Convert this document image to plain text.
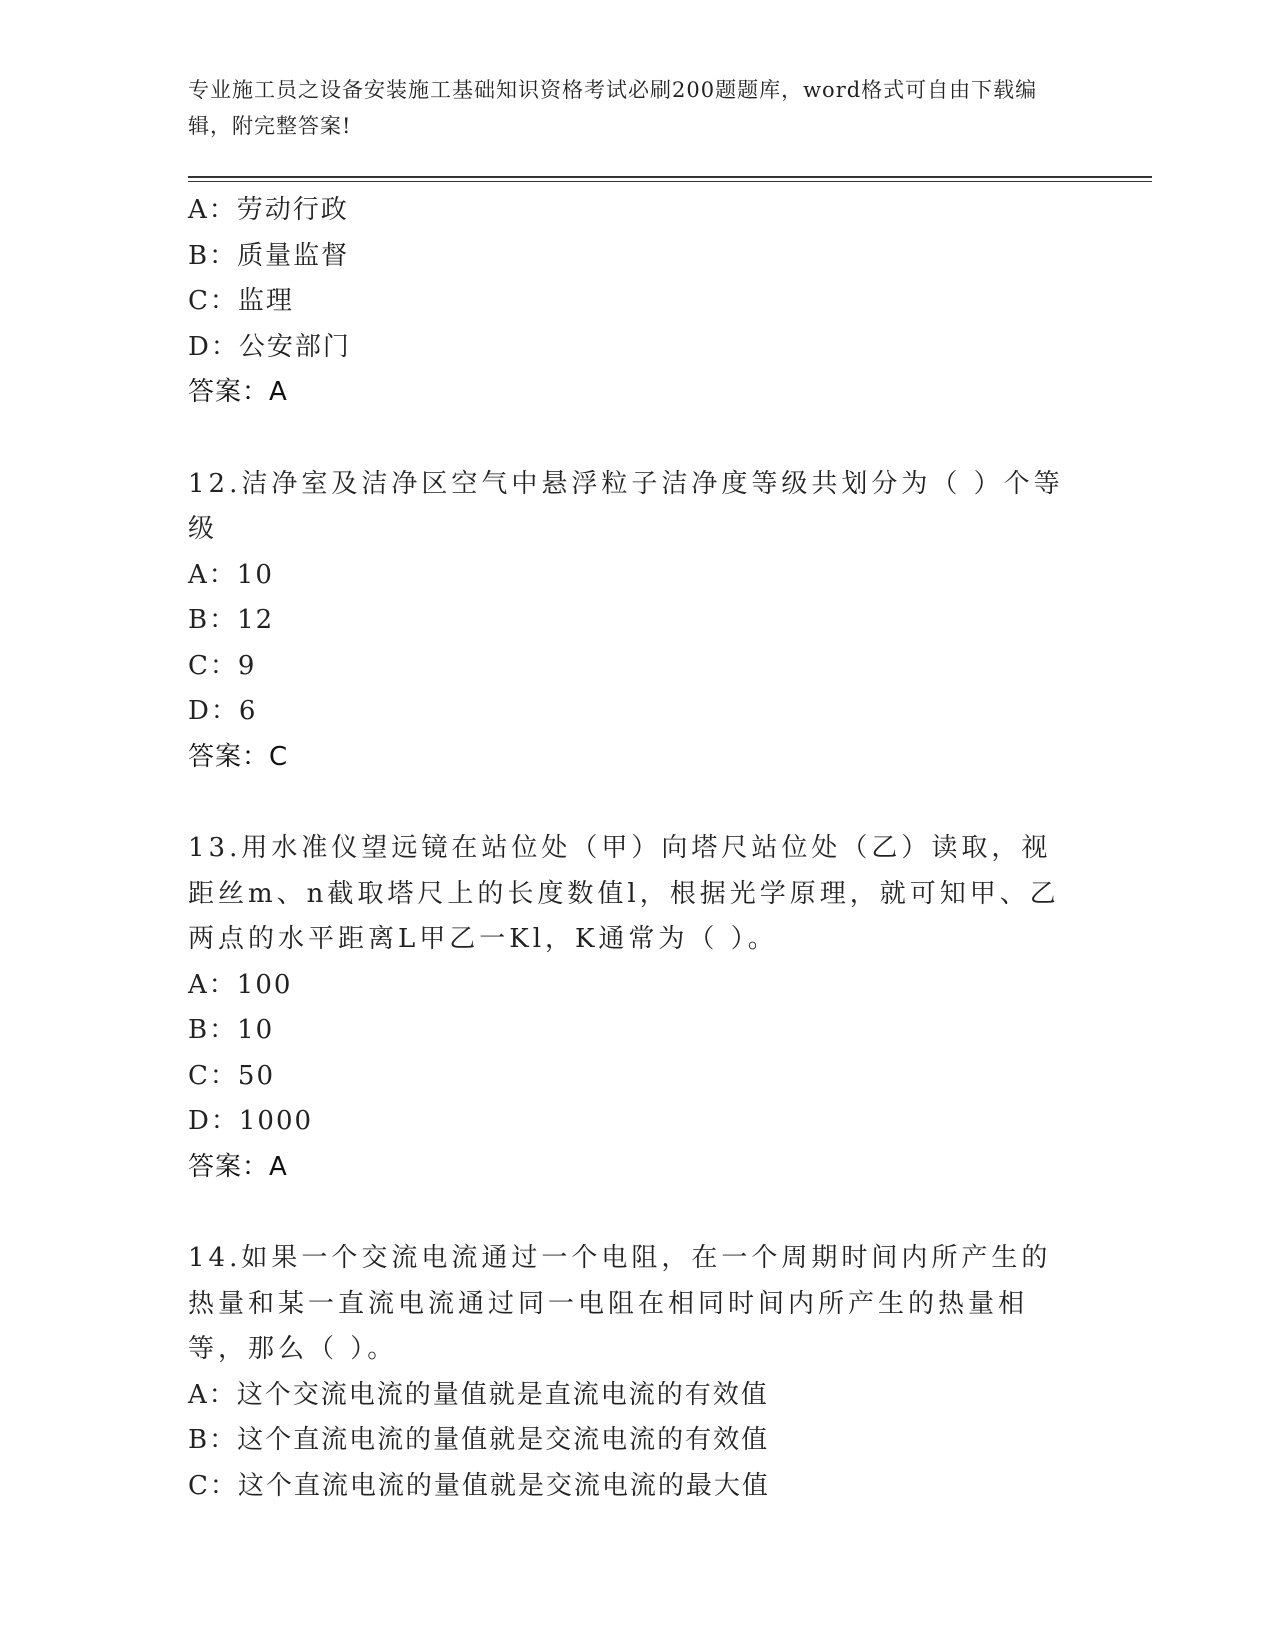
专业施工员之设备安装施工基础知识资格考试必刷200题题库，word格式可自由下载编辑，附完整答案!
A：劳动行政
B：质量监督
C：监理
D：公安部门
答案：A
12.洁净室及洁净区空气中悬浮粒子洁净度等级共划分为（ ）个等级
A：10
B：12
C：9
D：6
答案：C
13.用水准仪望远镜在站位处（甲）向塔尺站位处（乙）读取，视距丝m、n截取塔尺上的长度数值l，根据光学原理，就可知甲、乙两点的水平距离L甲乙一Kl，K通常为（ ）。
A：100
B：10
C：50
D：1000
答案：A
14.如果一个交流电流通过一个电阻，在一个周期时间内所产生的热量和某一直流电流通过同一电阻在相同时间内所产生的热量相等，那么（ ）。
A：这个交流电流的量值就是直流电流的有效值
B：这个直流电流的量值就是交流电流的有效值
C：这个直流电流的量值就是交流电流的最大值
